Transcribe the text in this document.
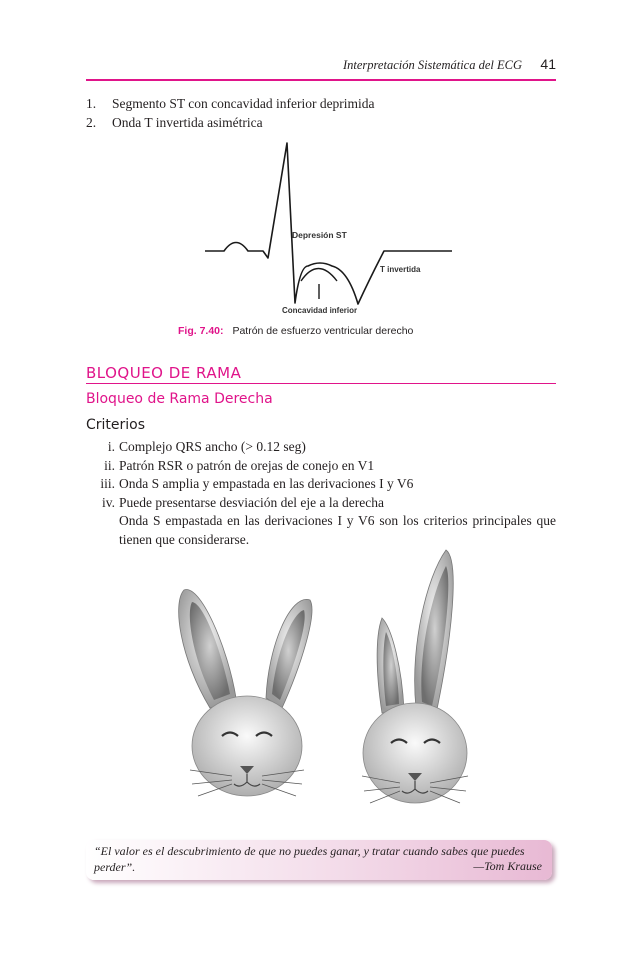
Interpretación Sistemática del ECG 41
1.	Segmento ST con concavidad inferior deprimida
2.	Onda T invertida asimétrica
Depresión ST
T invertida
Concavidad inferior
Fig. 7.40: Patrón de esfuerzo ventricular derecho
BLOQUEO DE RAMA
Bloqueo de Rama Derecha
Criterios
i. Complejo QRS ancho (> 0.12 seg)
ii. Patrón RSR o patrón de orejas de conejo en V1
iii. Onda S amplia y empastada en las derivaciones I y V6
iv. Puede presentarse desviación del eje a la derecha
Onda S empastada en las derivaciones I y V6 son los criterios principales que tienen que considerarse.
“El valor es el descubrimiento de que no puedes ganar, y tratar cuando sabes que puedes perder”.	—Tom Krause
